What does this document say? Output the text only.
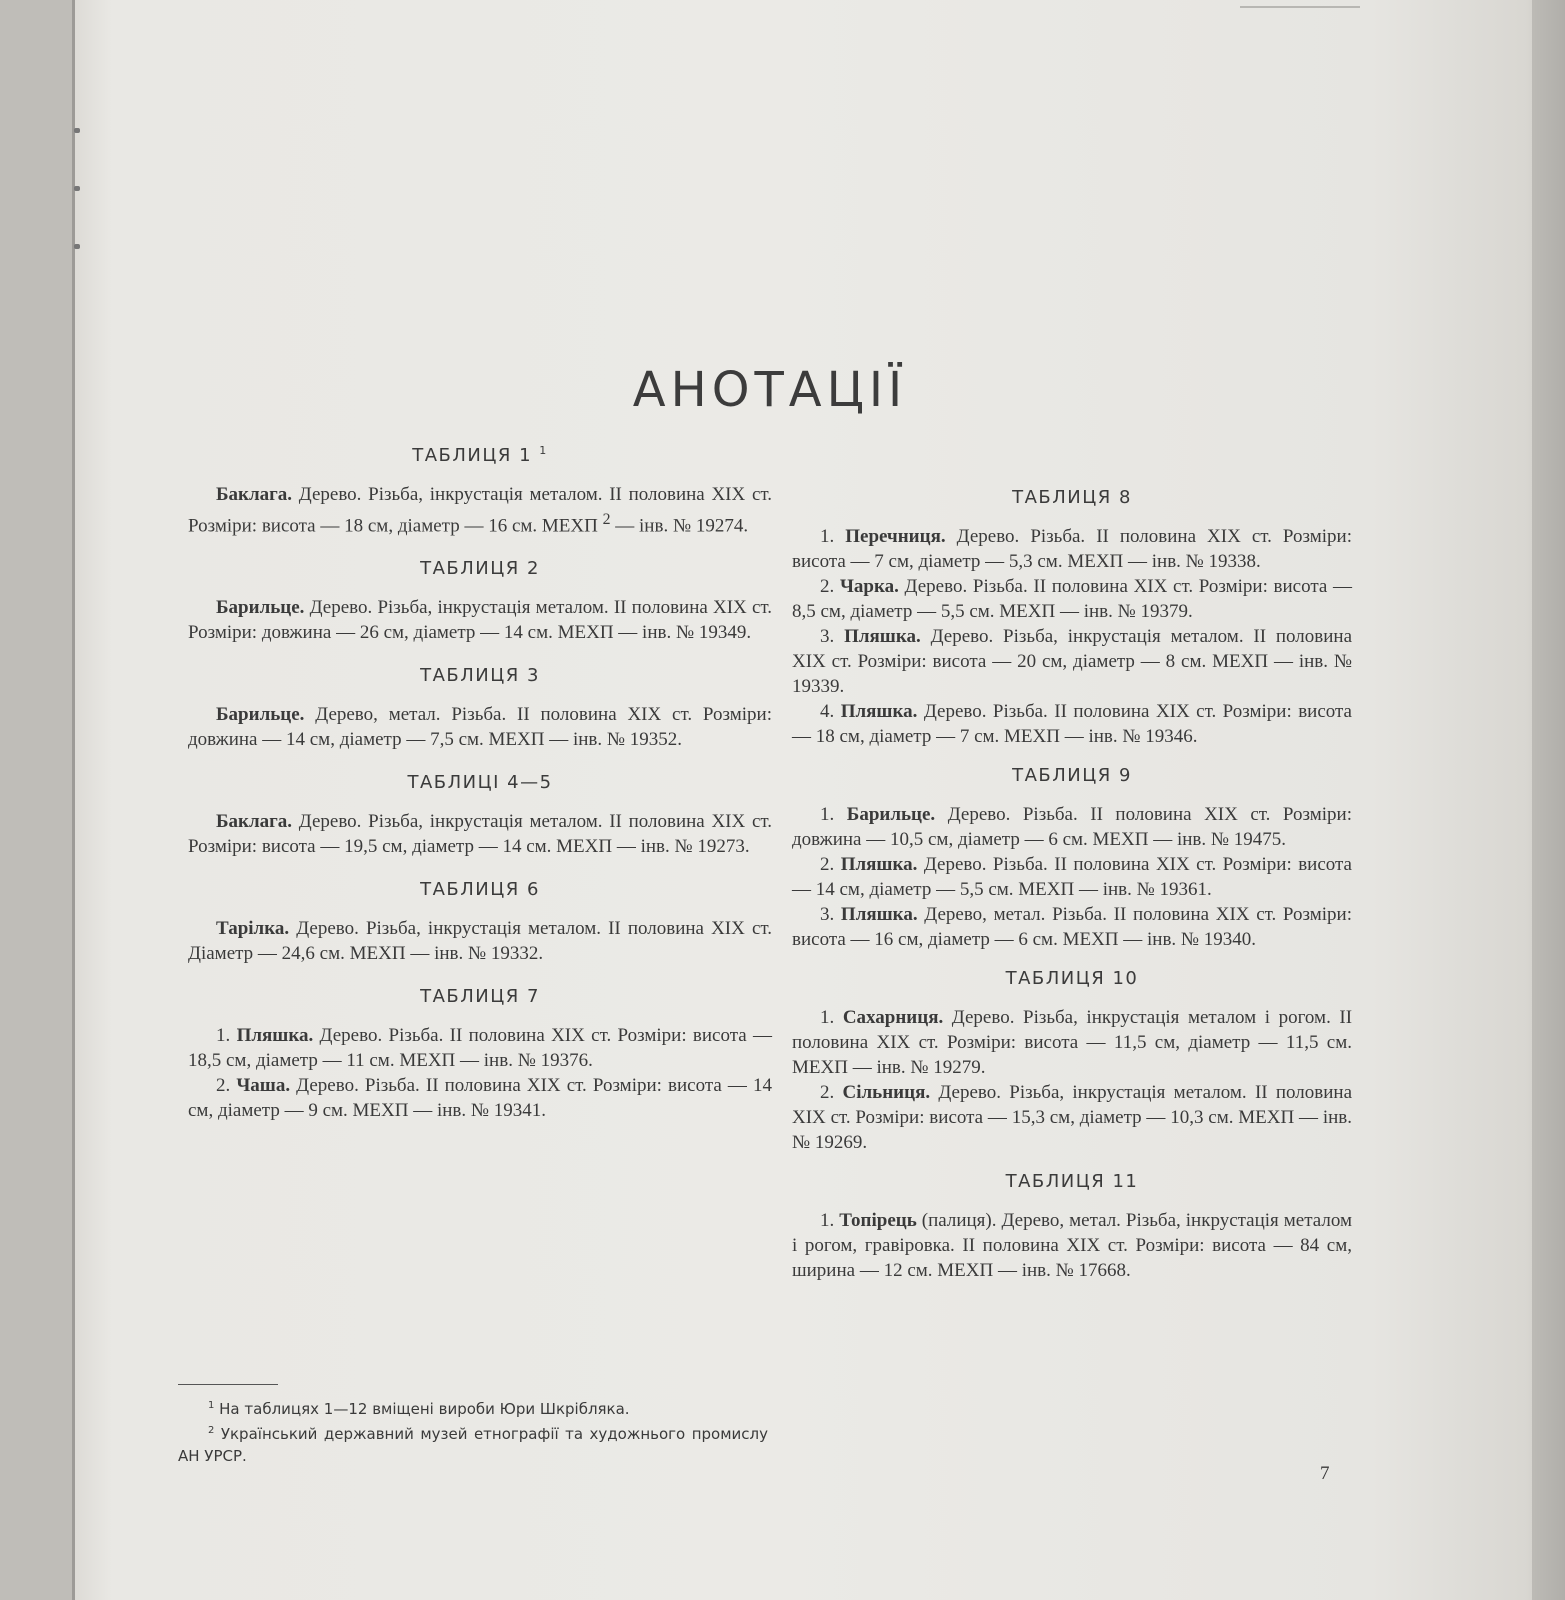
АНОТАЦІЇ
ТАБЛИЦЯ 1 $^1$

Баклага. Дерево. Різьба, інкрустація металом. II половина XIX ст. Розміри: висота — 18 см, діаметр — 16 см. МЕХП $^2$ — інв. № 19274.

ТАБЛИЦЯ 2

Барильце. Дерево. Різьба, інкрустація металом. II половина XIX ст. Розміри: довжина — 26 см, діаметр — 14 см. МЕХП — інв. № 19349.

ТАБЛИЦЯ 3

Барильце. Дерево, метал. Різьба. II половина XIX ст. Розміри: довжина — 14 см, діаметр — 7,5 см. МЕХП — інв. № 19352.

ТАБЛИЦІ 4—5

Баклага. Дерево. Різьба, інкрустація металом. II половина XIX ст. Розміри: висота — 19,5 см, діаметр — 14 см. МЕХП — інв. № 19273.

ТАБЛИЦЯ 6

Тарілка. Дерево. Різьба, інкрустація металом. II половина XIX ст. Діаметр — 24,6 см. МЕХП — інв. № 19332.

ТАБЛИЦЯ 7

1. Пляшка. Дерево. Різьба. II половина XIX ст. Розміри: висота — 18,5 см, діаметр — 11 см. МЕХП — інв. № 19376.

2. Чаша. Дерево. Різьба. II половина XIX ст. Розміри: висота — 14 см, діаметр — 9 см. МЕХП — інв. № 19341.

ТАБЛИЦЯ 8

1. Перечниця. Дерево. Різьба. II половина XIX ст. Розміри: висота — 7 см, діаметр — 5,3 см. МЕХП — інв. № 19338.

2. Чарка. Дерево. Різьба. II половина XIX ст. Розміри: висота — 8,5 см, діаметр — 5,5 см. МЕХП — інв. № 19379.

3. Пляшка. Дерево. Різьба, інкрустація металом. II половина XIX ст. Розміри: висота — 20 см, діаметр — 8 см. МЕХП — інв. № 19339.

4. Пляшка. Дерево. Різьба. II половина XIX ст. Розміри: висота — 18 см, діаметр — 7 см. МЕХП — інв. № 19346.

ТАБЛИЦЯ 9

1. Барильце. Дерево. Різьба. II половина XIX ст. Розміри: довжина — 10,5 см, діаметр — 6 см. МЕХП — інв. № 19475.

2. Пляшка. Дерево. Різьба. II половина XIX ст. Розміри: висота — 14 см, діаметр — 5,5 см. МЕХП — інв. № 19361.

3. Пляшка. Дерево, метал. Різьба. II половина XIX ст. Розміри: висота — 16 см, діаметр — 6 см. МЕХП — інв. № 19340.

ТАБЛИЦЯ 10

1. Сахарниця. Дерево. Різьба, інкрустація металом і рогом. II половина XIX ст. Розміри: висота — 11,5 см, діаметр — 11,5 см. МЕХП — інв. № 19279.

2. Сільниця. Дерево. Різьба, інкрустація металом. II половина XIX ст. Розміри: висота — 15,3 см, діаметр — 10,3 см. МЕХП — інв. № 19269.

ТАБЛИЦЯ 11

1. Топірець (палиця). Дерево, метал. Різьба, інкрустація металом і рогом, гравіровка. II половина XIX ст. Розміри: висота — 84 см, ширина — 12 см. МЕХП — інв. № 17668.

$^1$ На таблицях 1—12 вміщені вироби Юри Шкрібляка.

$^2$ Український державний музей етнографії та художнього промислу АН УРСР.

7
